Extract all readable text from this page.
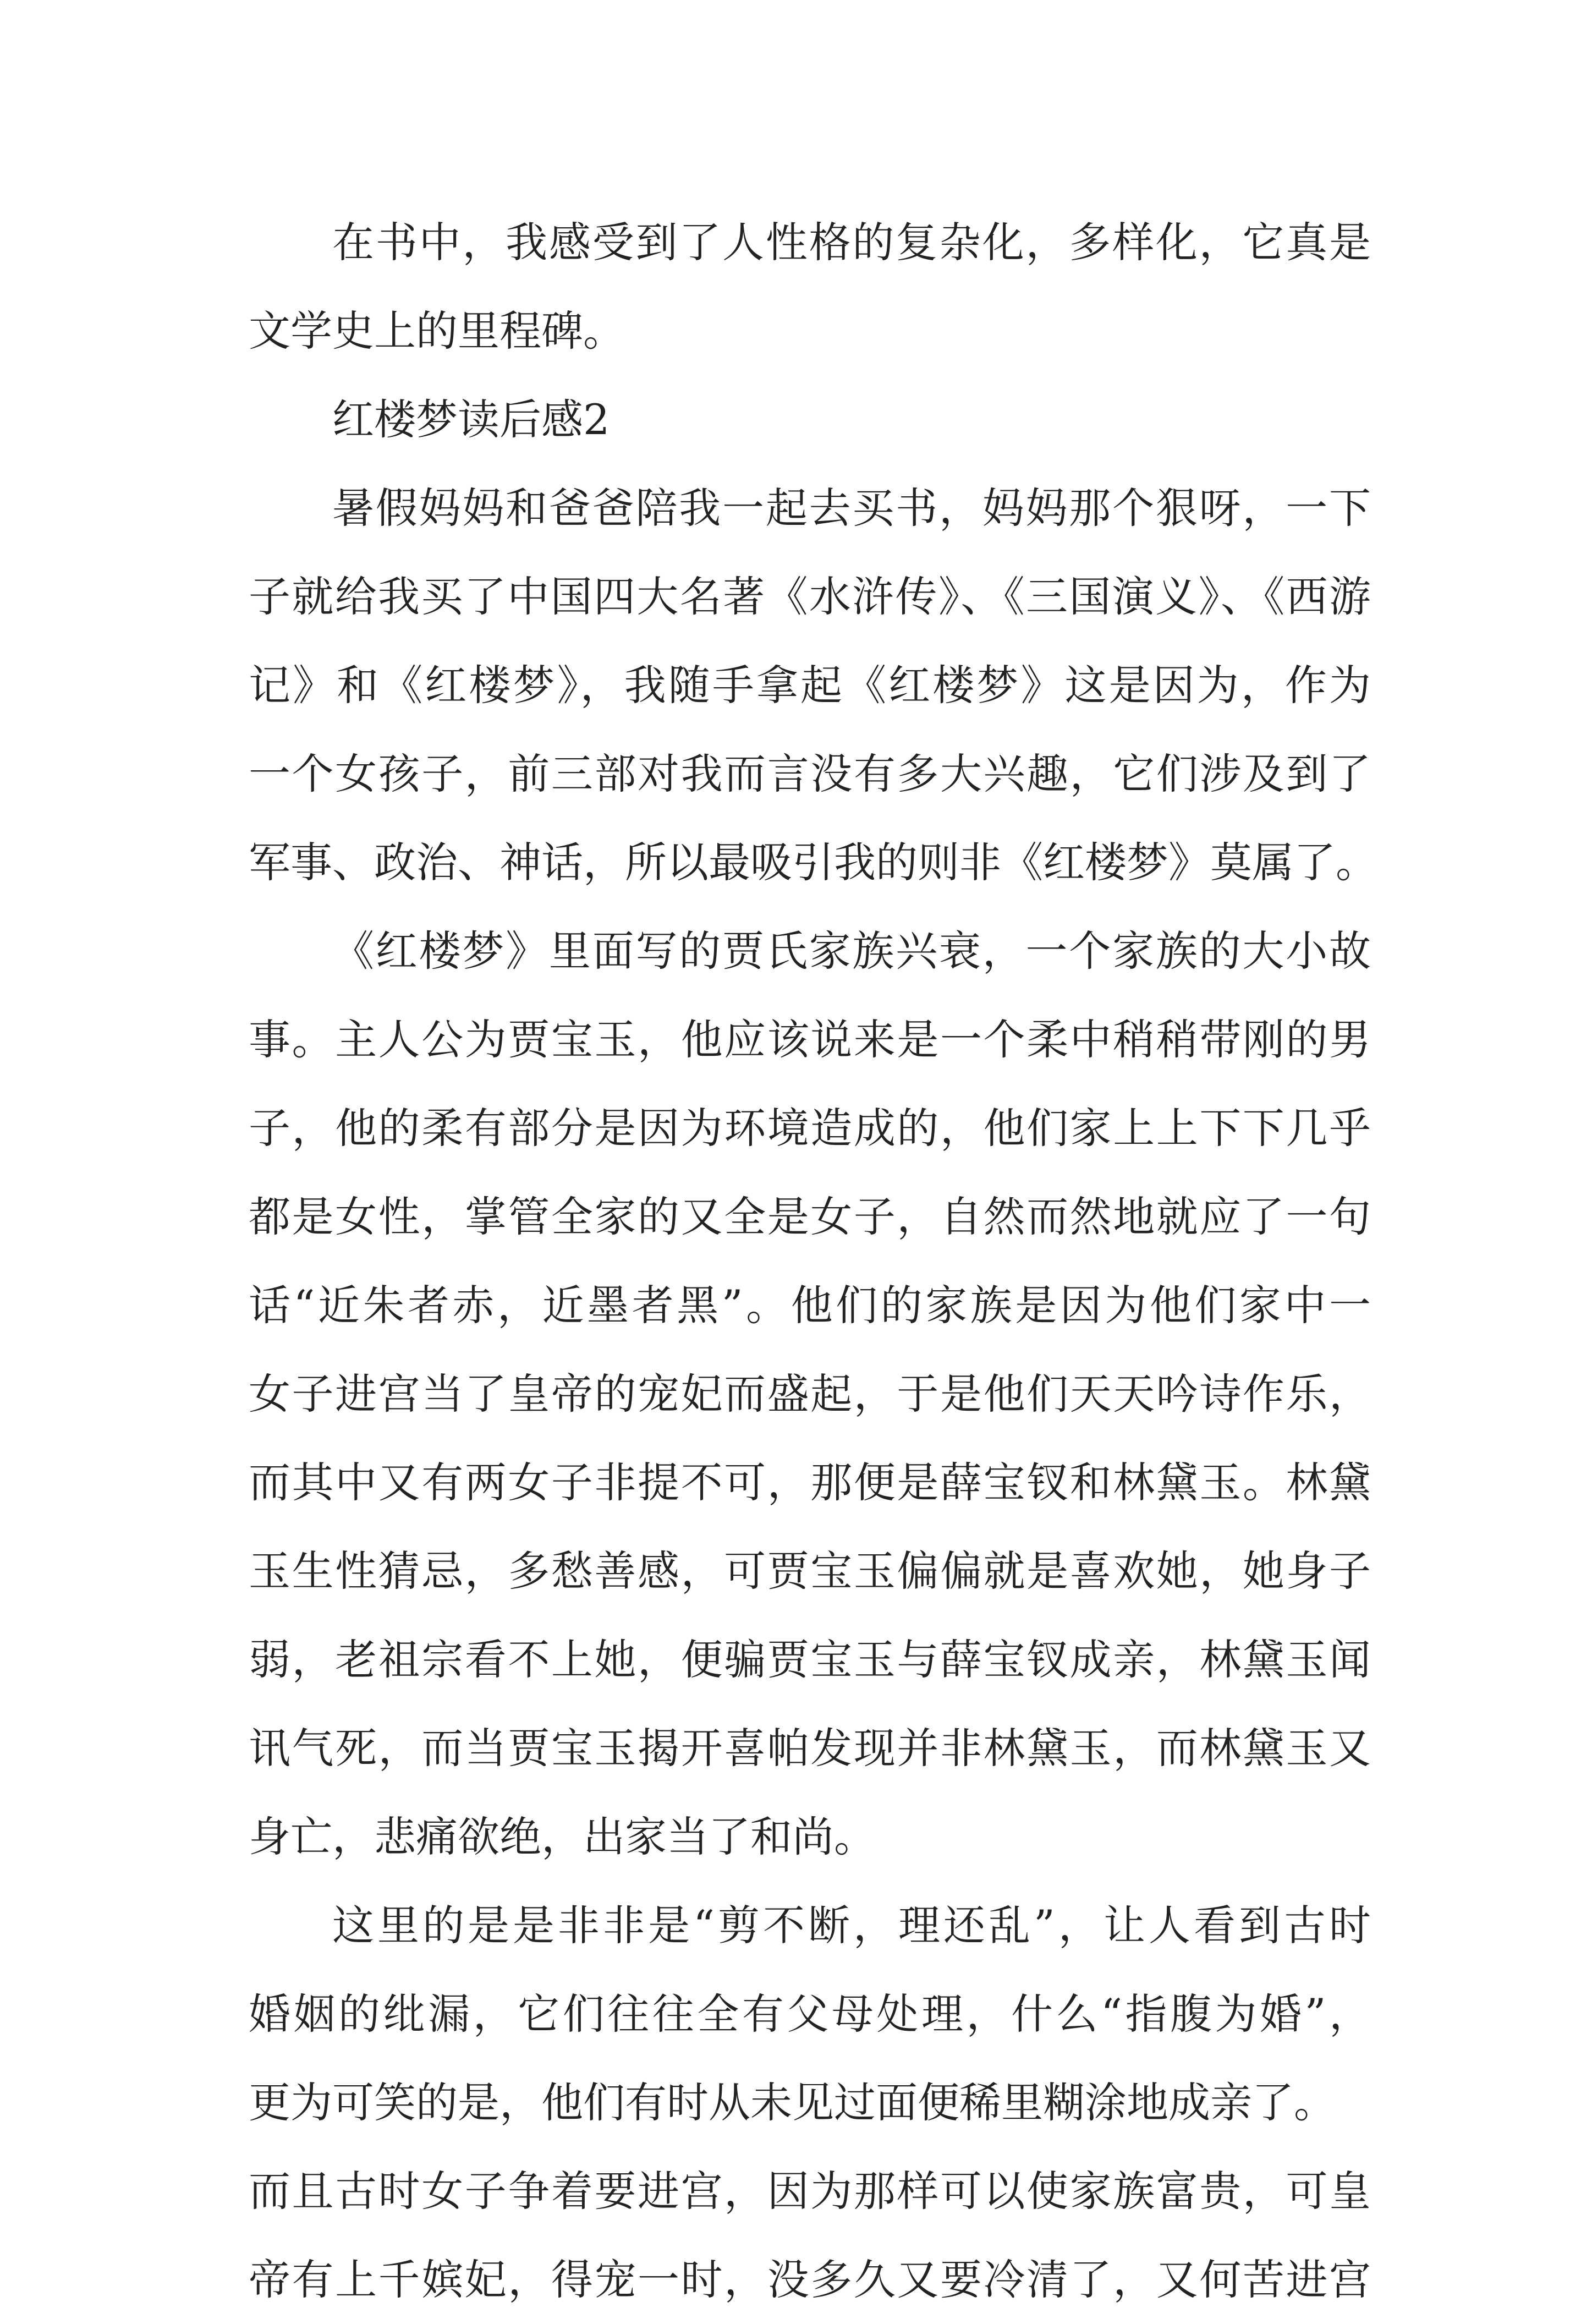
在书中，我感受到了人性格的复杂化，多样化，它真是
文学史上的里程碑。
红楼梦读后感2
暑假妈妈和爸爸陪我一起去买书，妈妈那个狠呀，一下
子就给我买了中国四大名著《水浒传》、《三国演义》、《西游
记》和《红楼梦》，我随手拿起《红楼梦》这是因为，作为
一个女孩子，前三部对我而言没有多大兴趣，它们涉及到了
军事、政治、神话，所以最吸引我的则非《红楼梦》莫属了。
《红楼梦》里面写的贾氏家族兴衰，一个家族的大小故
事。主人公为贾宝玉，他应该说来是一个柔中稍稍带刚的男
子，他的柔有部分是因为环境造成的，他们家上上下下几乎
都是女性，掌管全家的又全是女子，自然而然地就应了一句
话“近朱者赤，近墨者黑”。他们的家族是因为他们家中一
女子进宫当了皇帝的宠妃而盛起，于是他们天天吟诗作乐，
而其中又有两女子非提不可，那便是薛宝钗和林黛玉。林黛
玉生性猜忌，多愁善感，可贾宝玉偏偏就是喜欢她，她身子
弱，老祖宗看不上她，便骗贾宝玉与薛宝钗成亲，林黛玉闻
讯气死，而当贾宝玉揭开喜帕发现并非林黛玉，而林黛玉又
身亡，悲痛欲绝，出家当了和尚。
这里的是是非非是“剪不断，理还乱”，让人看到古时
婚姻的纰漏，它们往往全有父母处理，什么“指腹为婚”，
更为可笑的是，他们有时从未见过面便稀里糊涂地成亲了。
而且古时女子争着要进宫，因为那样可以使家族富贵，可皇
帝有上千嫔妃，得宠一时，没多久又要冷清了，又何苦进宫
